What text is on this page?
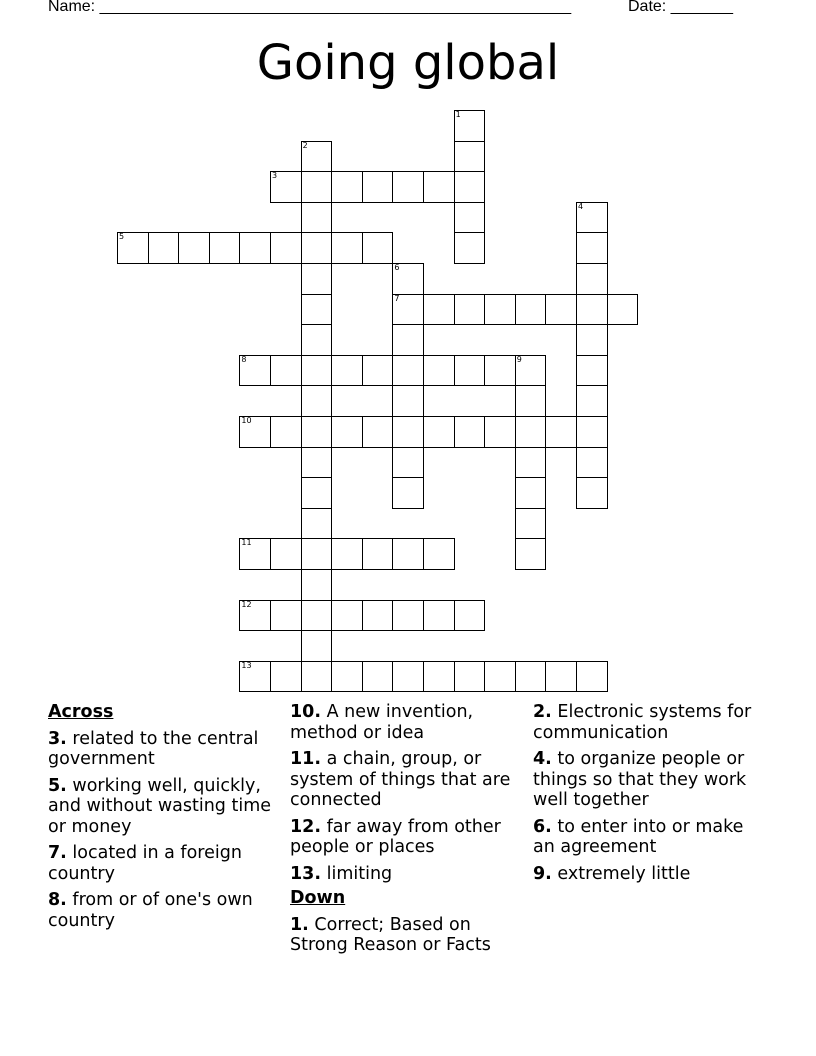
Name: _____________________________________________________	Date: _______
Going global
1
2
3
4
5
6
7
8	9
10
11
12
13
Across
3. related to the central government
5. working well, quickly, and without wasting time or money
7. located in a foreign country
8. from or of one's own country
10. A new invention, method or idea
11. a chain, group, or system of things that are connected
12. far away from other people or places
13. limiting
Down
1. Correct; Based on Strong Reason or Facts
2. Electronic systems for communication
4. to organize people or things so that they work well together
6. to enter into or make an agreement
9. extremely little
